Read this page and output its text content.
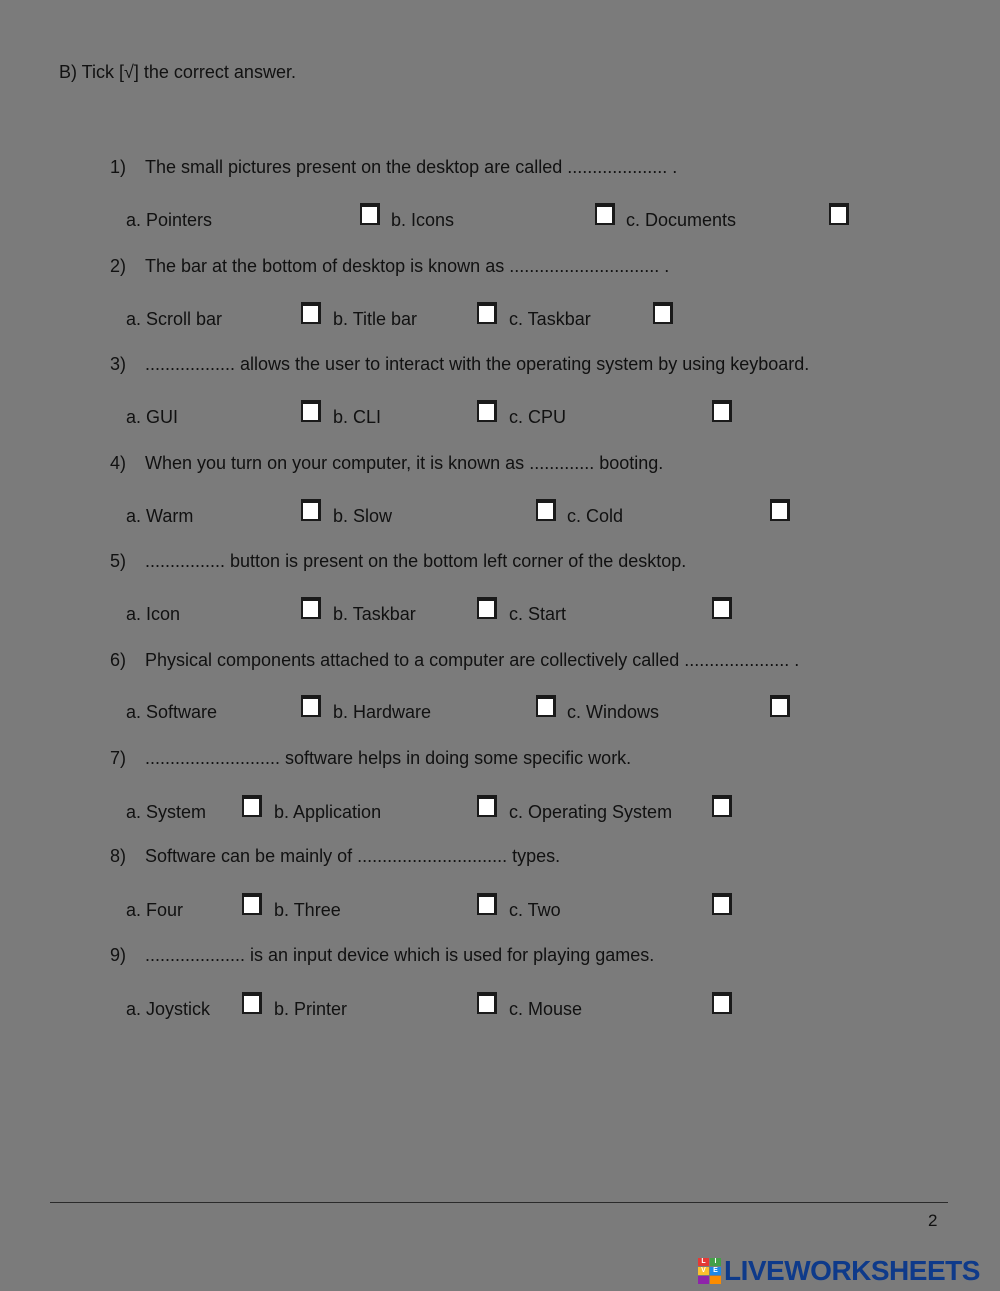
B) Tick [√] the correct answer.
1) The small pictures present on the desktop are called .................... .
a. Pointers	b. Icons	c. Documents
2) The bar at the bottom of desktop is known as .............................. .
a. Scroll bar	b. Title bar	c. Taskbar
3) .................. allows the user to interact with the operating system by using keyboard.
a. GUI	b. CLI	c. CPU
4) When you turn on your computer, it is known as ............. booting.
a. Warm	b. Slow	c. Cold
5) ................ button is present on the bottom left corner of the desktop.
a. Icon	b. Taskbar	c. Start
6) Physical components attached to a computer are collectively called ..................... .
a. Software	b. Hardware	c. Windows
7) ........................... software helps in doing some specific work.
a. System	b. Application	c. Operating System
8) Software can be mainly of .............................. types.
a. Four	b. Three	c. Two
9) .................... is an input device which is used for playing games.
a. Joystick	b. Printer	c. Mouse
2
L	I
V	E LIVEWORKSHEETS
